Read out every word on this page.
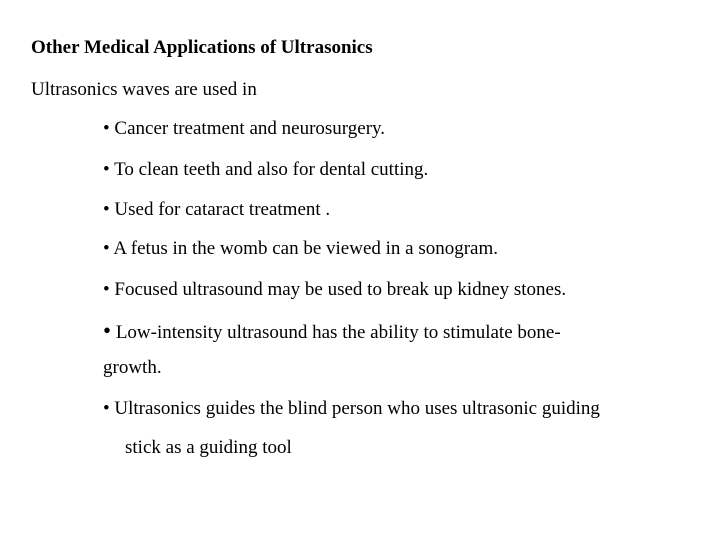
Other Medical Applications of Ultrasonics
Ultrasonics waves are used in
• Cancer treatment and neurosurgery.
• To clean teeth and also for dental cutting.
• Used for cataract treatment .
• A fetus in the womb can be viewed in a sonogram.
• Focused ultrasound may be used to break up kidney stones.
• Low-intensity ultrasound has the ability to stimulate bone-
growth.
• Ultrasonics guides the blind person who uses ultrasonic guiding
stick as a guiding tool
